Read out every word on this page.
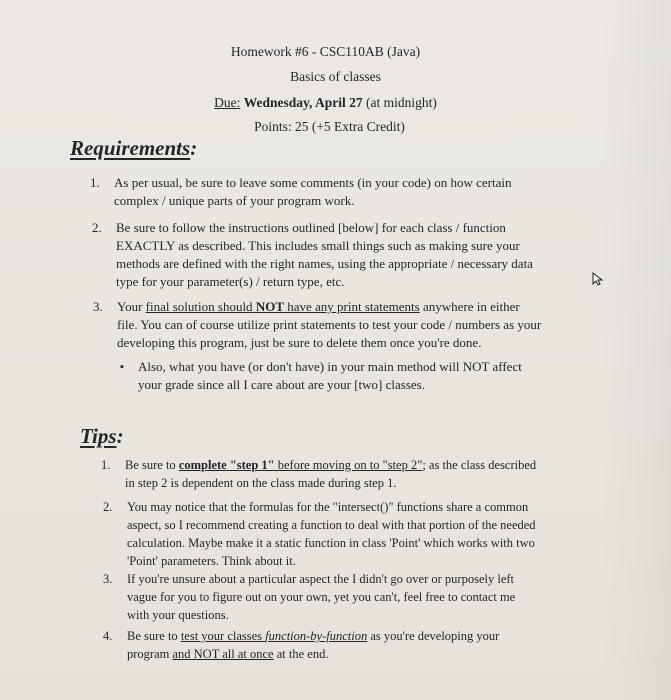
Homework #6 - CSC110AB (Java)
Basics of classes
Due: Wednesday, April 27 (at midnight)
Points: 25 (+5 Extra Credit)
Requirements:
1. As per usual, be sure to leave some comments (in your code) on how certain
complex / unique parts of your program work.
2. Be sure to follow the instructions outlined [below] for each class / function
EXACTLY as described. This includes small things such as making sure your
methods are defined with the right names, using the appropriate / necessary data
type for your parameter(s) / return type, etc.
3. Your final solution should NOT have any print statements anywhere in either
file. You can of course utilize print statements to test your code / numbers as your
developing this program, just be sure to delete them once you're done.
▪ Also, what you have (or don't have) in your main method will NOT affect
your grade since all I care about are your [two] classes.
Tips:
1. Be sure to complete "step 1" before moving on to "step 2"; as the class described
in step 2 is dependent on the class made during step 1.
2. You may notice that the formulas for the "intersect()" functions share a common
aspect, so I recommend creating a function to deal with that portion of the needed
calculation. Maybe make it a static function in class 'Point' which works with two
'Point' parameters. Think about it.
3. If you're unsure about a particular aspect the I didn't go over or purposely left
vague for you to figure out on your own, yet you can't, feel free to contact me
with your questions.
4. Be sure to test your classes function-by-function as you're developing your
program and NOT all at once at the end.
